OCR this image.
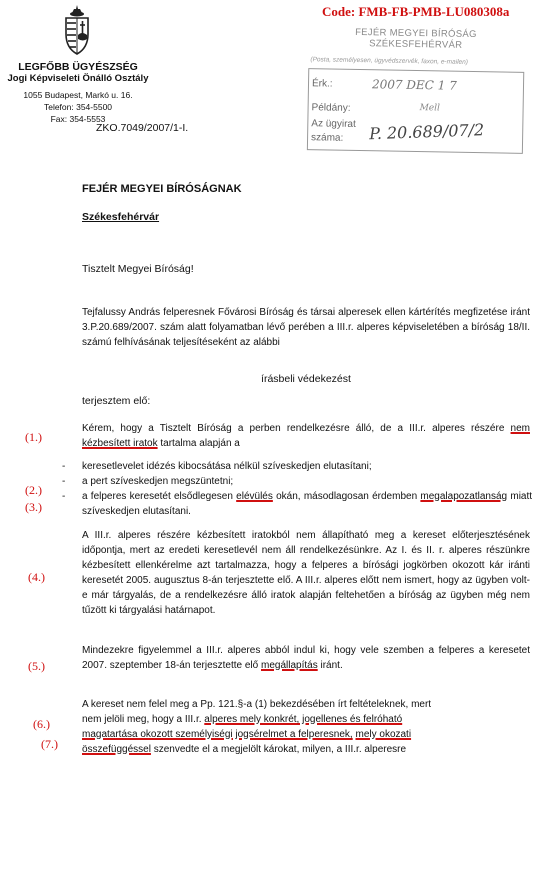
Code: FMB-FB-PMB-LU080308a
LEGFŐBB ÜGYÉSZSÉG
Jogi Képviseleti Önálló Osztály
1055 Budapest, Markó u. 16.
Telefon: 354-5500
Fax: 354-5553
ZKO.7049/2007/1-I.
FEJÉR MEGYEI BÍRÓSÁG
SZÉKESFEHÉRVÁR
(Posta, személyesen, ügyvédszervék, faxon, e-mailen)
Érk.:	2007 DEC 1 7
Példány:	Mell
Az ügyirat
száma: P. 20.689/07/2
FEJÉR MEGYEI BÍRÓSÁGNAK
Székesfehérvár
Tisztelt Megyei Bíróság!
Tejfalussy András felperesnek Fővárosi Bíróság és társai alperesek ellen kártérítés megfizetése iránt 3.P.20.689/2007. szám alatt folyamatban lévő perében a III.r. alperes képviseletében a bíróság 18/II. számú felhívásának teljesítéseként az alábbi
írásbeli védekezést
terjesztem elő:
(1.)
(2.)
(3.)
(4.)
(5.)
(6.)
(7.)
Kérem, hogy a Tisztelt Bíróság a perben rendelkezésre álló, de a III.r. alperes részére nem kézbesített iratok tartalma alapján a
- keresetlevelet idézés kibocsátása nélkül szíveskedjen elutasítani;
- a pert szíveskedjen megszüntetni;
- a felperes keresetét elsődlegesen elévülés okán, másodlagosan érdemben megalapozatlanság miatt szíveskedjen elutasítani.
A III.r. alperes részére kézbesített iratokból nem állapítható meg a kereset előterjesztésének időpontja, mert az eredeti keresetlevél nem áll rendelkezésünkre. Az I. és II. r. alperes részünkre kézbesített ellenkérelme azt tartalmazza, hogy a felperes a bírósági jogkörben okozott kár iránti keresetét 2005. augusztus 8-án terjesztette elő. A III.r. alperes előtt nem ismert, hogy az ügyben volt-e már tárgyalás, de a rendelkezésre álló iratok alapján feltehetően a bíróság az ügyben még nem tűzött ki tárgyalási határnapot.
Mindezekre figyelemmel a III.r. alperes abból indul ki, hogy vele szemben a felperes a keresetet 2007. szeptember 18-án terjesztette elő megállapítás iránt.
A kereset nem felel meg a Pp. 121.§-a (1) bekezdésében írt feltételeknek, mert
nem jelöli meg, hogy a III.r. alperes mely konkrét, jogellenes és felróható
magatartása okozott személyiségi jogsérelmet a felperesnek, mely okozati
összefüggéssel szenvedte el a megjelölt károkat, milyen, a III.r. alperesre
